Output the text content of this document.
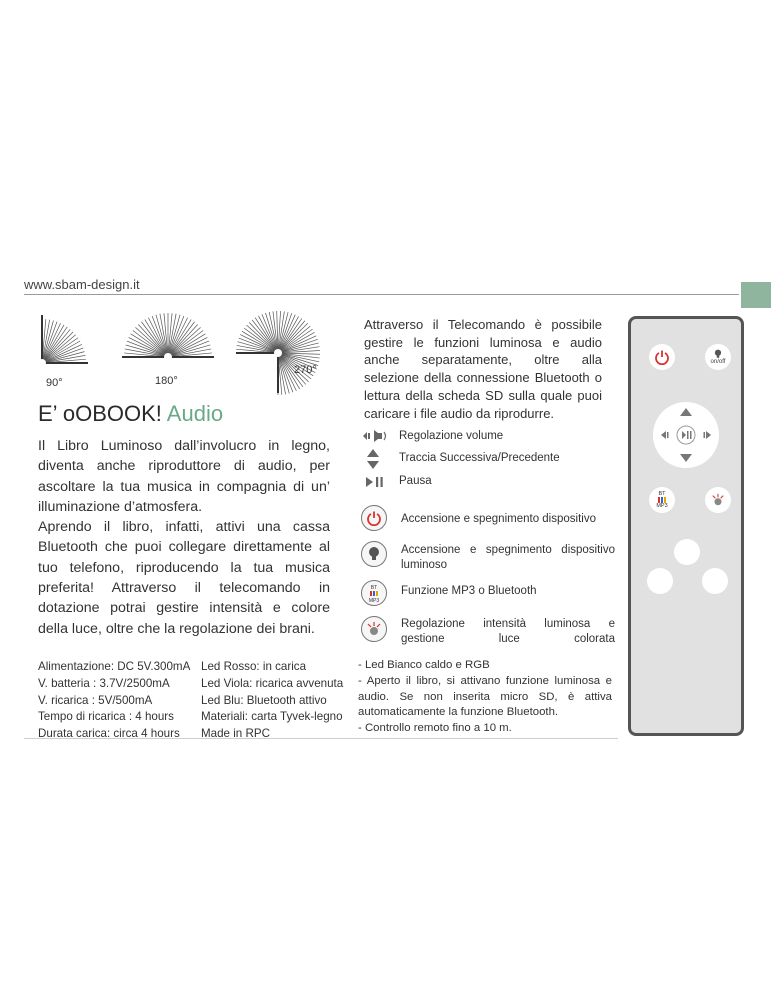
www.sbam-design.it
90°	180°
270°
E’ oOBOOK! Audio

Il Libro Luminoso dall’involucro in legno, diventa anche riproduttore di audio, per ascoltare la tua musica in compagnia di un’ illuminazione d’atmosfera.

Aprendo il libro, infatti, attivi una cassa Bluetooth che puoi collegare direttamente al tuo telefono, riproducendo la tua musica preferita! Attraverso il telecomando in dotazione potrai gestire intensità e colore della luce, oltre che la regolazione dei brani.

Alimentazione: DC 5V.300mA
V. batteria : 3.7V/2500mA
V. ricarica : 5V/500mA
Tempo di ricarica : 4 hours
Durata carica: circa 4 hours
Led Rosso: in carica
Led Viola: ricarica avvenuta
Led Blu: Bluetooth attivo
Materiali: carta Tyvek-legno
Made in RPC
Attraverso il Telecomando è possibile gestire le funzioni luminosa e audio anche separatamente, oltre alla selezione della connessione Bluetooth o lettura della scheda SD sulla quale puoi caricare i file audio da riprodurre.
Regolazione volume
Traccia Successiva/Precedente
Pausa
Accensione e spegnimento dispositivo
Accensione e spegnimento dispositivo luminoso
BT
MP3
Funzione MP3 o Bluetooth
Regolazione intensità luminosa e gestione luce colorata
- Led Bianco caldo e RGB
- Aperto il libro, si attivano funzione luminosa e audio. Se non inserita micro SD, è attiva automaticamente la funzione Bluetooth.
- Controllo remoto fino a 10 m.
on/off
BT
MP3
